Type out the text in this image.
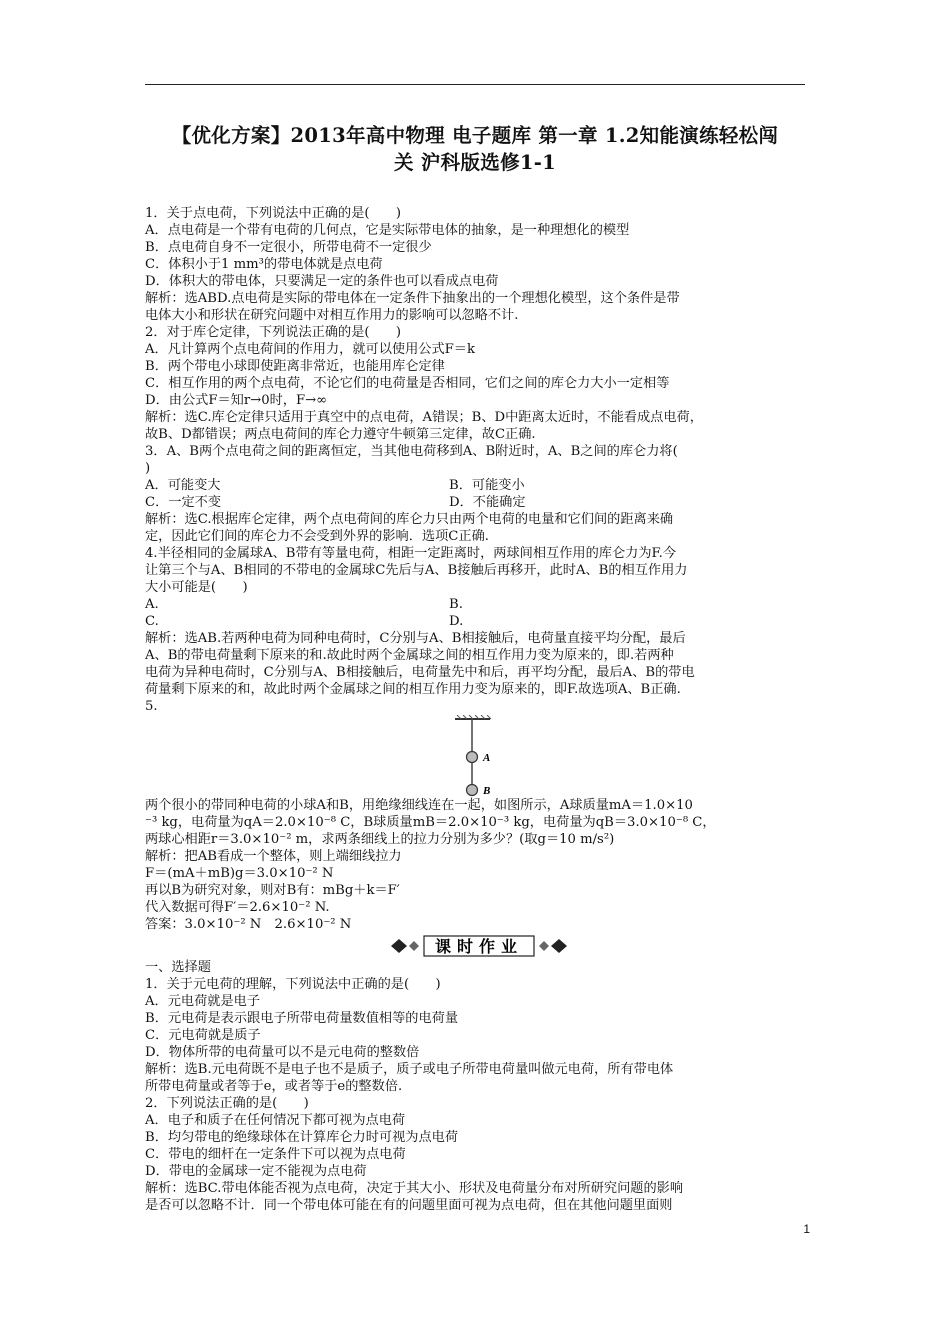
【优化方案】2013年高中物理 电子题库 第一章 1.2知能演练轻松闯
关 沪科版选修1-1
1．关于点电荷，下列说法中正确的是(　　)
A．点电荷是一个带有电荷的几何点，它是实际带电体的抽象，是一种理想化的模型
B．点电荷自身不一定很小，所带电荷不一定很少
C．体积小于1 mm³的带电体就是点电荷
D．体积大的带电体，只要满足一定的条件也可以看成点电荷
解析：选ABD.点电荷是实际的带电体在一定条件下抽象出的一个理想化模型，这个条件是带
电体大小和形状在研究问题中对相互作用力的影响可以忽略不计.
2．对于库仑定律，下列说法正确的是(　　)
A．凡计算两个点电荷间的作用力，就可以使用公式F＝k
B．两个带电小球即使距离非常近，也能用库仑定律
C．相互作用的两个点电荷，不论它们的电荷量是否相同，它们之间的库仑力大小一定相等
D．由公式F＝知r→0时，F→∞
解析：选C.库仑定律只适用于真空中的点电荷，A错误；B、D中距离太近时，不能看成点电荷，
故B、D都错误；两点电荷间的库仑力遵守牛顿第三定律，故C正确.
3．A、B两个点电荷之间的距离恒定，当其他电荷移到A、B附近时，A、B之间的库仑力将(
)
A．可能变大	B．可能变小
C．一定不变	D．不能确定
解析：选C.根据库仑定律，两个点电荷间的库仑力只由两个电荷的电量和它们间的距离来确
定，因此它们间的库仑力不会受到外界的影响．选项C正确.
4.半径相同的金属球A、B带有等量电荷，相距一定距离时，两球间相互作用的库仑力为F.今
让第三个与A、B相同的不带电的金属球C先后与A、B接触后再移开，此时A、B的相互作用力
大小可能是(　　)
A.	B.
C.	D.
解析：选AB.若两种电荷为同种电荷时，C分别与A、B相接触后，电荷量直接平均分配，最后
A、B的带电荷量剩下原来的和.故此时两个金属球之间的相互作用力变为原来的，即.若两种
电荷为异种电荷时，C分别与A、B相接触后，电荷量先中和后，再平均分配，最后A、B的带电
荷量剩下原来的和，故此时两个金属球之间的相互作用力变为原来的，即F.故选项A、B正确.
5.
A
B
两个很小的带同种电荷的小球A和B，用绝缘细线连在一起，如图所示，A球质量mA＝1.0×10
⁻³ kg，电荷量为qA＝2.0×10⁻⁸ C，B球质量mB＝2.0×10⁻³ kg，电荷量为qB＝3.0×10⁻⁸ C，
两球心相距r＝3.0×10⁻² m，求两条细线上的拉力分别为多少？(取g＝10 m/s²)
解析：把AB看成一个整体，则上端细线拉力
F＝(mA＋mB)g＝3.0×10⁻² N
再以B为研究对象，则对B有：mBg＋k＝F′
代入数据可得F′＝2.6×10⁻² N.
答案：3.0×10⁻² N　2.6×10⁻² N
课时作业
一、选择题
1．关于元电荷的理解，下列说法中正确的是(　　)
A．元电荷就是电子
B．元电荷是表示跟电子所带电荷量数值相等的电荷量
C．元电荷就是质子
D．物体所带的电荷量可以不是元电荷的整数倍
解析：选B.元电荷既不是电子也不是质子，质子或电子所带电荷量叫做元电荷，所有带电体
所带电荷量或者等于e，或者等于e的整数倍.
2．下列说法正确的是(　　)
A．电子和质子在任何情况下都可视为点电荷
B．均匀带电的绝缘球体在计算库仑力时可视为点电荷
C．带电的细杆在一定条件下可以视为点电荷
D．带电的金属球一定不能视为点电荷
解析：选BC.带电体能否视为点电荷，决定于其大小、形状及电荷量分布对所研究问题的影响
是否可以忽略不计．同一个带电体可能在有的问题里面可视为点电荷，但在其他问题里面则
1
